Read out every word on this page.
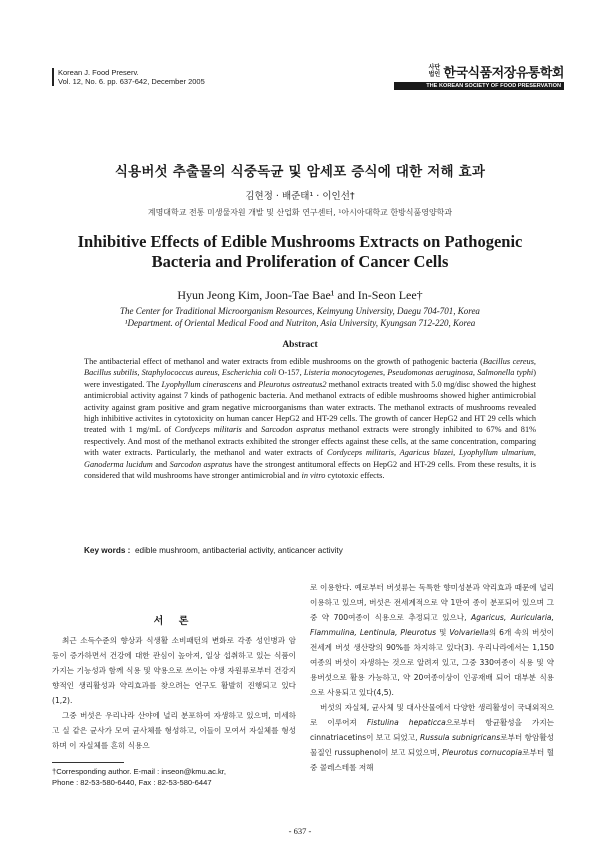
Korean J. Food Preserv.
Vol. 12, No. 6. pp. 637-642, December 2005
사단 법인 한국식품저장유통학회
THE KOREAN SOCIETY OF FOOD PRESERVATION
식용버섯 추출물의 식중독균 및 암세포 증식에 대한 저해 효과
김현정 · 배준태¹ · 이인선†
계명대학교 전통 미생물자원 개발 및 산업화 연구센터, ¹아시아대학교 한방식품영양학과
Inhibitive Effects of Edible Mushrooms Extracts on Pathogenic
Bacteria and Proliferation of Cancer Cells
Hyun Jeong Kim, Joon-Tae Bae¹ and In-Seon Lee†
The Center for Traditional Microorganism Resources, Keimyung University, Daegu 704-701, Korea
¹Department. of Oriental Medical Food and Nutriton, Asia University, Kyungsan 712-220, Korea
Abstract
The antibacterial effect of methanol and water extracts from edible mushrooms on the growth of pathogenic bacteria (Bacillus cereus, Bacillus subtilis, Staphylococcus aureus, Escherichia coli O-157, Listeria monocytogenes, Pseudomonas aeruginosa, Salmonella typhi) were investigated. The Lyophyllum cinerascens and Pleurotus ostreatus2 methanol extracts treated with 5.0 mg/disc showed the highest antimicrobial activity against 7 kinds of pathogenic bacteria. And methanol extracts of edible mushrooms showed higher antimicrobial activity against gram positive and gram negative microorganisms than water extracts. The methanol extracts of mushrooms revealed high inhibitive activites in cytotoxicity on human cancer HepG2 and HT-29 cells. The growth of cancer HepG2 and HT 29 cells which treated with 1 mg/mL of Cordyceps militaris and Sarcodon aspratus methanol extracts were strongly inhibited to 67% and 81% respectively. And most of the methanol extracts exhibited the stronger effects against these cells, at the same concentration, comparing with water extracts. Particularly, the methanol and water extracts of Cordyceps militaris, Agaricus blazei, Lyophyllum ulmarium, Ganoderma lucidum and Sarcodon aspratus have the strongest antitumoral effects on HepG2 and HT-29 cells. From these results, it is considered that wild mushrooms have stronger antimicrobial and in vitro cytotoxic effects.
Key words : edible mushroom, antibacterial activity, anticancer activity
서 론

최근 소득수준의 향상과 식생활 소비패턴의 변화로 각종 성인병과 암 등이 증가하면서 건강에 대한 관심이 높아져, 일상 섭취하고 있는 식품이 가지는 기능성과 함께 식용 및 약용으로 쓰이는 야생 자원류로부터 건강지향적인 생리활성과 약리효과를 찾으려는 연구도 활발히 진행되고 있다(1,2).

그중 버섯은 우리나라 산야에 널리 분포하여 자생하고 있으며, 미세하고 실 같은 균사가 모여 균사체를 형성하고, 이들이 모여서 자실체를 형성하며 이 자실체를 흔히 식용으

로 이용한다. 예로부터 버섯류는 독특한 향미성분과 약리효과 때문에 널리 이용하고 있으며, 버섯은 전세계적으로 약 1만여 종이 분포되어 있으며 그중 약 700여종이 식용으로 추정되고 있으나, Agaricus, Auricularia, Flammulina, Lentinula, Pleurotus 및 Volvariella의 6개 속의 버섯이 전세계 버섯 생산량의 90%를 차지하고 있다(3). 우리나라에서는 1,150여종의 버섯이 자생하는 것으로 알려져 있고, 그중 330여종이 식용 및 약용버섯으로 활용 가능하고, 약 20여종이상이 인공재배 되어 대부분 식용으로 사용되고 있다(4,5).

버섯의 자실체, 균사체 및 대사산물에서 다양한 생리활성이 국내외적으로 이루어져 Fistulina hepaticca으로부터 항균활성을 가지는 cinnatriacetins이 보고 되었고, Russula subnigricans로부터 항암활성 물질인 russuphenol이 보고 되었으며, Pleurotus cornucopia로부터 혈중 콜레스테롤 저해

†Corresponding author. E-mail : inseon@kmu.ac.kr,
Phone : 82-53-580-6440, Fax : 82-53-580-6447
- 637 -
